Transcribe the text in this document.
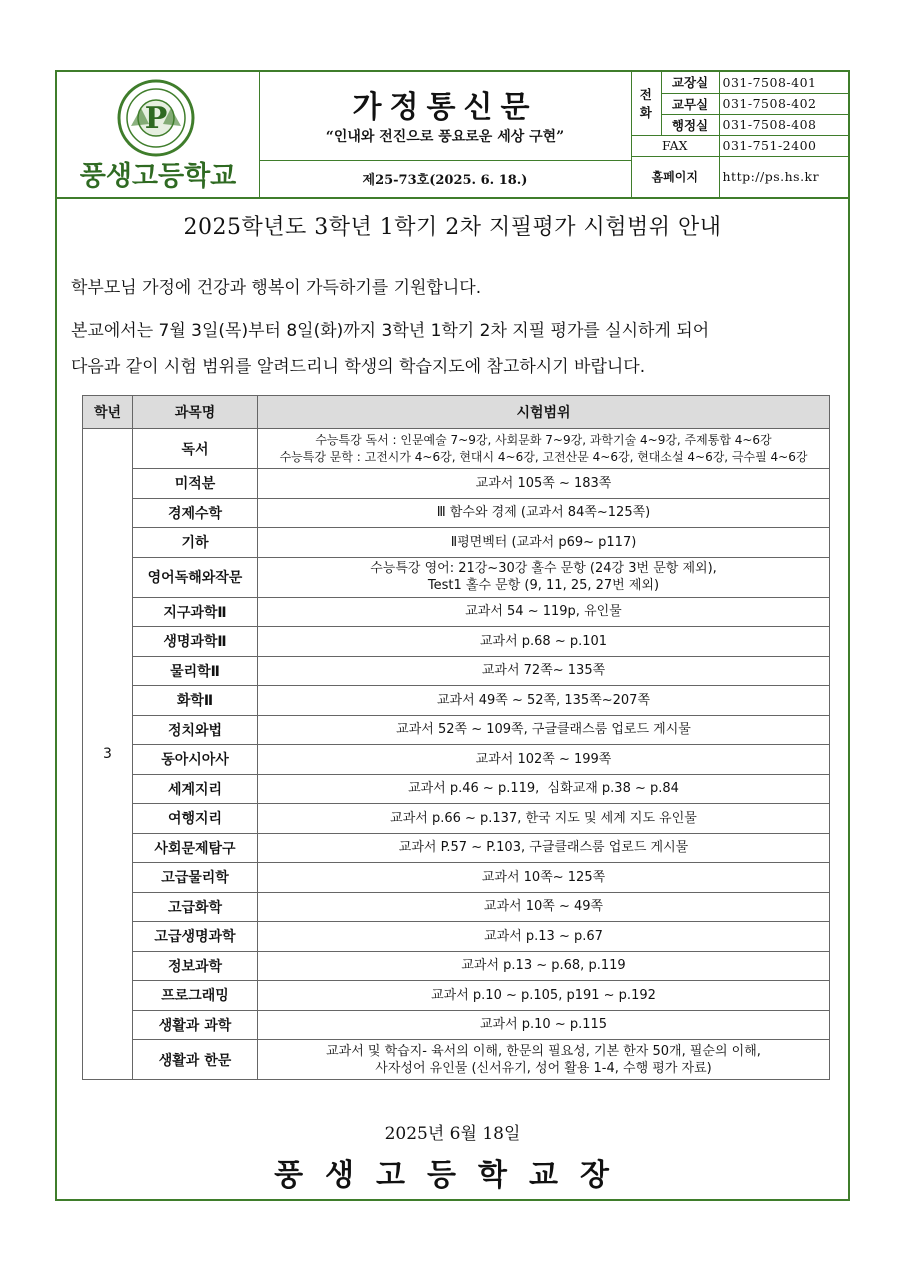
P
풍생고등학교
가정통신문
“인내와 전진으로 풍요로운 세상 구현”
제25-73호(2025. 6. 18.)
전화	교장실	031-7508-401
	교무실	031-7508-402
	행정실	031-7508-408
FAX		031-751-2400
홈페이지		http://ps.hs.kr
2025학년도 3학년 1학기 2차 지필평가 시험범위 안내
학부모님 가정에 건강과 행복이 가득하기를 기원합니다.
본교에서는 7월 3일(목)부터 8일(화)까지 3학년 1학기 2차 지필 평가를 실시하게 되어
다음과 같이 시험 범위를 알려드리니 학생의 학습지도에 참고하시기 바랍니다.
학년	과목명	시험범위
3	독서	수능특강 독서 : 인문예술 7~9강, 사회문화 7~9강, 과학기술 4~9강, 주제통합 4~6강
수능특강 문학 : 고전시가 4~6강, 현대시 4~6강, 고전산문 4~6강, 현대소설 4~6강, 극수필 4~6강

	미적분	교과서 105쪽 ~ 183쪽

	경제수학	Ⅲ 함수와 경제 (교과서 84쪽~125쪽)

	기하	Ⅱ평면벡터 (교과서 p69~ p117)

	영어독해와작문	수능특강 영어: 21강~30강 홀수 문항 (24강 3번 문항 제외),
Test1 홀수 문항 (9, 11, 25, 27번 제외)

	지구과학Ⅱ	교과서 54 ~ 119p, 유인물

	생명과학Ⅱ	교과서 p.68 ~ p.101

	물리학Ⅱ	교과서 72쪽~ 135쪽

	화학Ⅱ	교과서 49쪽 ~ 52쪽, 135쪽~207쪽

	정치와법	교과서 52쪽 ~ 109쪽, 구글클래스룸 업로드 게시물

	동아시아사	교과서 102쪽 ~ 199쪽

	세계지리	교과서 p.46 ~ p.119,  심화교재 p.38 ~ p.84

	여행지리	교과서 p.66 ~ p.137, 한국 지도 및 세계 지도 유인물

	사회문제탐구	교과서 P.57 ~ P.103, 구글클래스룸 업로드 게시물

	고급물리학	교과서 10쪽~ 125쪽

	고급화학	교과서 10쪽 ~ 49쪽

	고급생명과학	교과서 p.13 ~ p.67

	정보과학	교과서 p.13 ~ p.68, p.119

	프로그래밍	교과서 p.10 ~ p.105, p191 ~ p.192

	생활과 과학	교과서 p.10 ~ p.115

	생활과 한문	교과서 및 학습지- 육서의 이해, 한문의 필요성, 기본 한자 50개, 필순의 이해,
사자성어 유인물 (신서유기, 성어 활용 1-4, 수행 평가 자료)
2025년 6월 18일
풍생고등학교장
